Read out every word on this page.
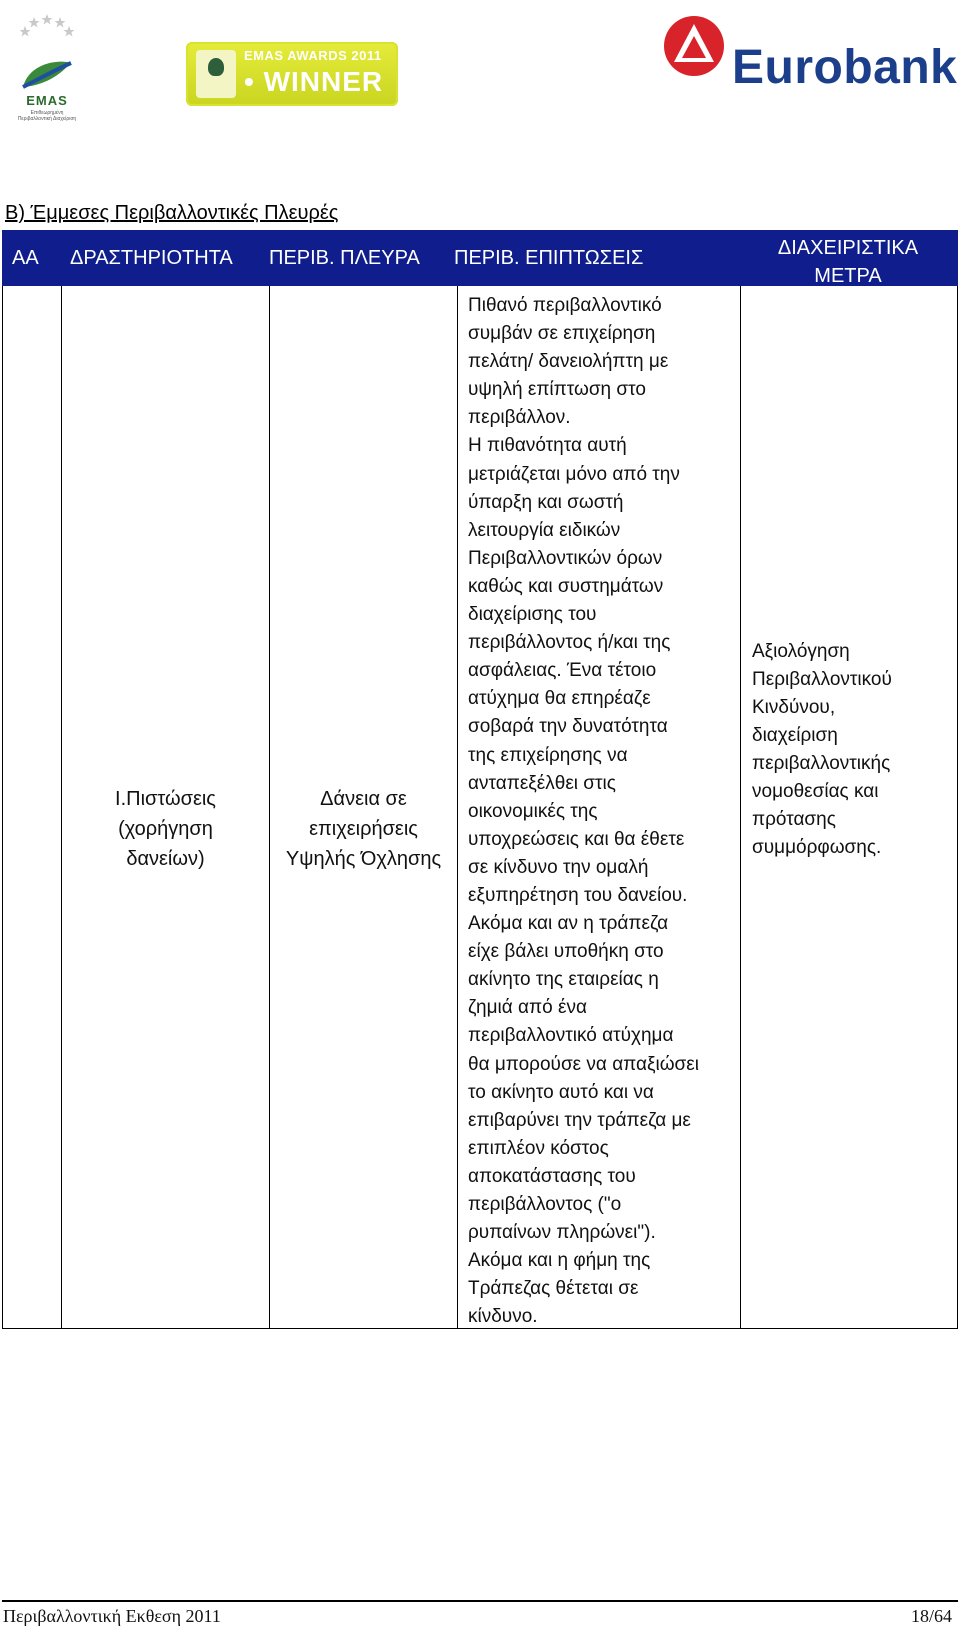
EMAS
Επιθεωρημένη Περιβαλλοντική Διαχείριση
EMAS AWARDS 2011
• WINNER •
Eurobank
Β) Έμμεσες Περιβαλλοντικές Πλευρές
ΑΑ ΔΡΑΣΤΗΡΙΟΤΗΤΑ ΠΕΡΙΒ. ΠΛΕΥΡΑ ΠΕΡΙΒ. ΕΠΙΠΤΩΣΕΙΣ	ΔΙΑΧΕΙΡΙΣΤΙΚΑ ΜΕΤΡΑ
Ι.Πιστώσεις
(χορήγηση
δανείων)
Δάνεια σε
επιχειρήσεις
Υψηλής Όχλησης
Πιθανό περιβαλλοντικό
συμβάν σε επιχείρηση
πελάτη/ δανειολήπτη με
υψηλή επίπτωση στο
περιβάλλον.
Η πιθανότητα αυτή
μετριάζεται μόνο από την
ύπαρξη και σωστή
λειτουργία ειδικών
Περιβαλλοντικών όρων
καθώς και συστημάτων
διαχείρισης του
περιβάλλοντος ή/και της
ασφάλειας. Ένα τέτοιο
ατύχημα θα επηρέαζε
σοβαρά την δυνατότητα
της επιχείρησης να
ανταπεξέλθει στις
οικονομικές της
υποχρεώσεις και θα έθετε
σε κίνδυνο την ομαλή
εξυπηρέτηση του δανείου.
Ακόμα και αν η τράπεζα
είχε βάλει υποθήκη στο
ακίνητο της εταιρείας η
ζημιά από ένα
περιβαλλοντικό ατύχημα
θα μπορούσε να απαξιώσει
το ακίνητο αυτό και να
επιβαρύνει την τράπεζα με
επιπλέον κόστος
αποκατάστασης του
περιβάλλοντος ("ο
ρυπαίνων πληρώνει").
Ακόμα και η φήμη της
Τράπεζας θέτεται σε
κίνδυνο.
Αξιολόγηση
Περιβαλλοντικού
Κινδύνου,
διαχείριση
περιβαλλοντικής
νομοθεσίας και
πρότασης
συμμόρφωσης.
Περιβαλλοντική Εκθεση 2011	18/64
